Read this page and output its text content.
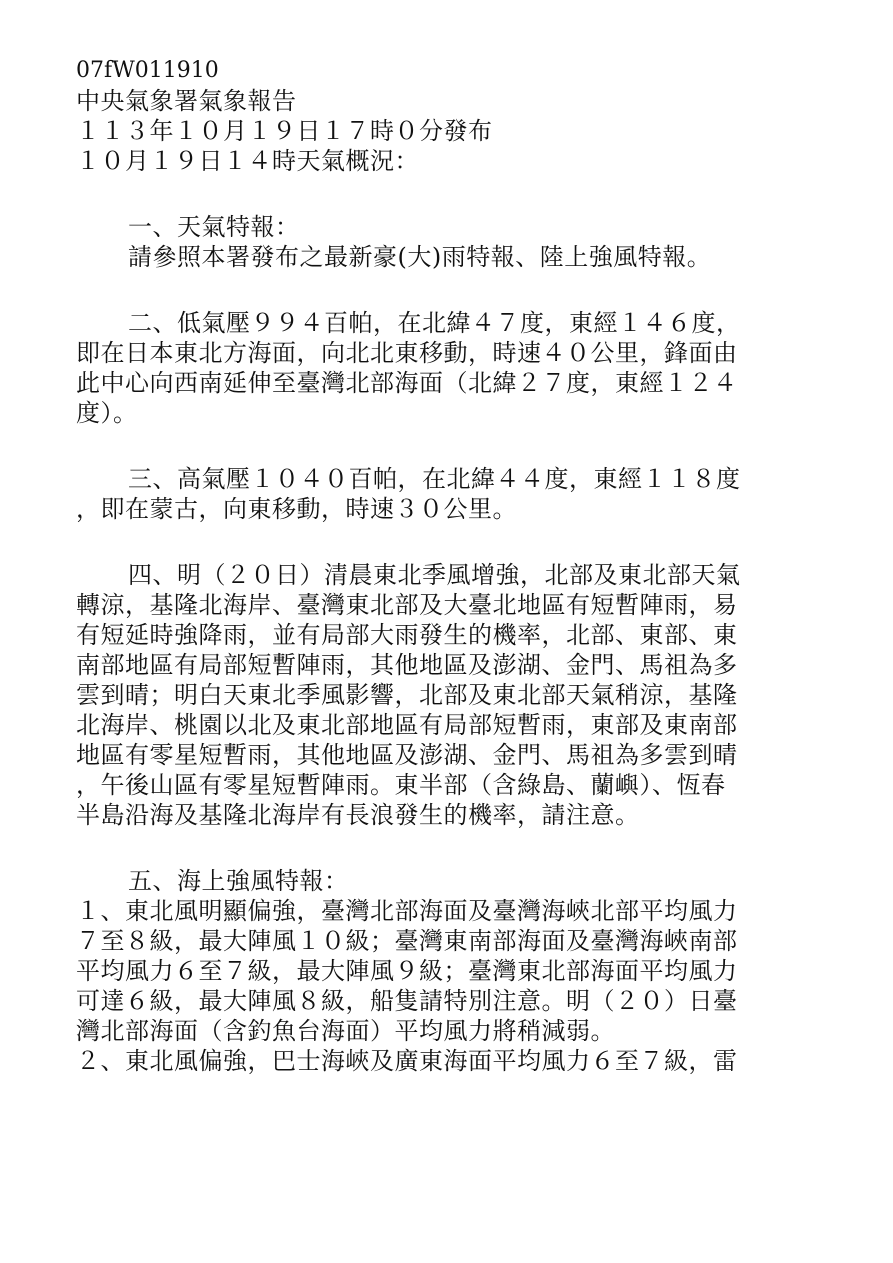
07fW011910
中央氣象署氣象報告
１１３年１０月１９日１７時０分發布
１０月１９日１４時天氣概況：
一、天氣特報：
請參照本署發布之最新豪(大)雨特報、陸上強風特報。
二、低氣壓９９４百帕，在北緯４７度，東經１４６度，
即在日本東北方海面，向北北東移動，時速４０公里，鋒面由
此中心向西南延伸至臺灣北部海面（北緯２７度，東經１２４
度）。
三、高氣壓１０４０百帕，在北緯４４度，東經１１８度
，即在蒙古，向東移動，時速３０公里。
四、明（２０日）清晨東北季風增強，北部及東北部天氣
轉涼，基隆北海岸、臺灣東北部及大臺北地區有短暫陣雨，易
有短延時強降雨，並有局部大雨發生的機率，北部、東部、東
南部地區有局部短暫陣雨，其他地區及澎湖、金門、馬祖為多
雲到晴；明白天東北季風影響，北部及東北部天氣稍涼，基隆
北海岸、桃園以北及東北部地區有局部短暫雨，東部及東南部
地區有零星短暫雨，其他地區及澎湖、金門、馬祖為多雲到晴
，午後山區有零星短暫陣雨。東半部（含綠島、蘭嶼）、恆春
半島沿海及基隆北海岸有長浪發生的機率，請注意。
五、海上強風特報：
１、東北風明顯偏強，臺灣北部海面及臺灣海峽北部平均風力
７至８級，最大陣風１０級；臺灣東南部海面及臺灣海峽南部
平均風力６至７級，最大陣風９級；臺灣東北部海面平均風力
可達６級，最大陣風８級，船隻請特別注意。明（２０）日臺
灣北部海面（含釣魚台海面）平均風力將稍減弱。
２、東北風偏強，巴士海峽及廣東海面平均風力６至７級，雷
